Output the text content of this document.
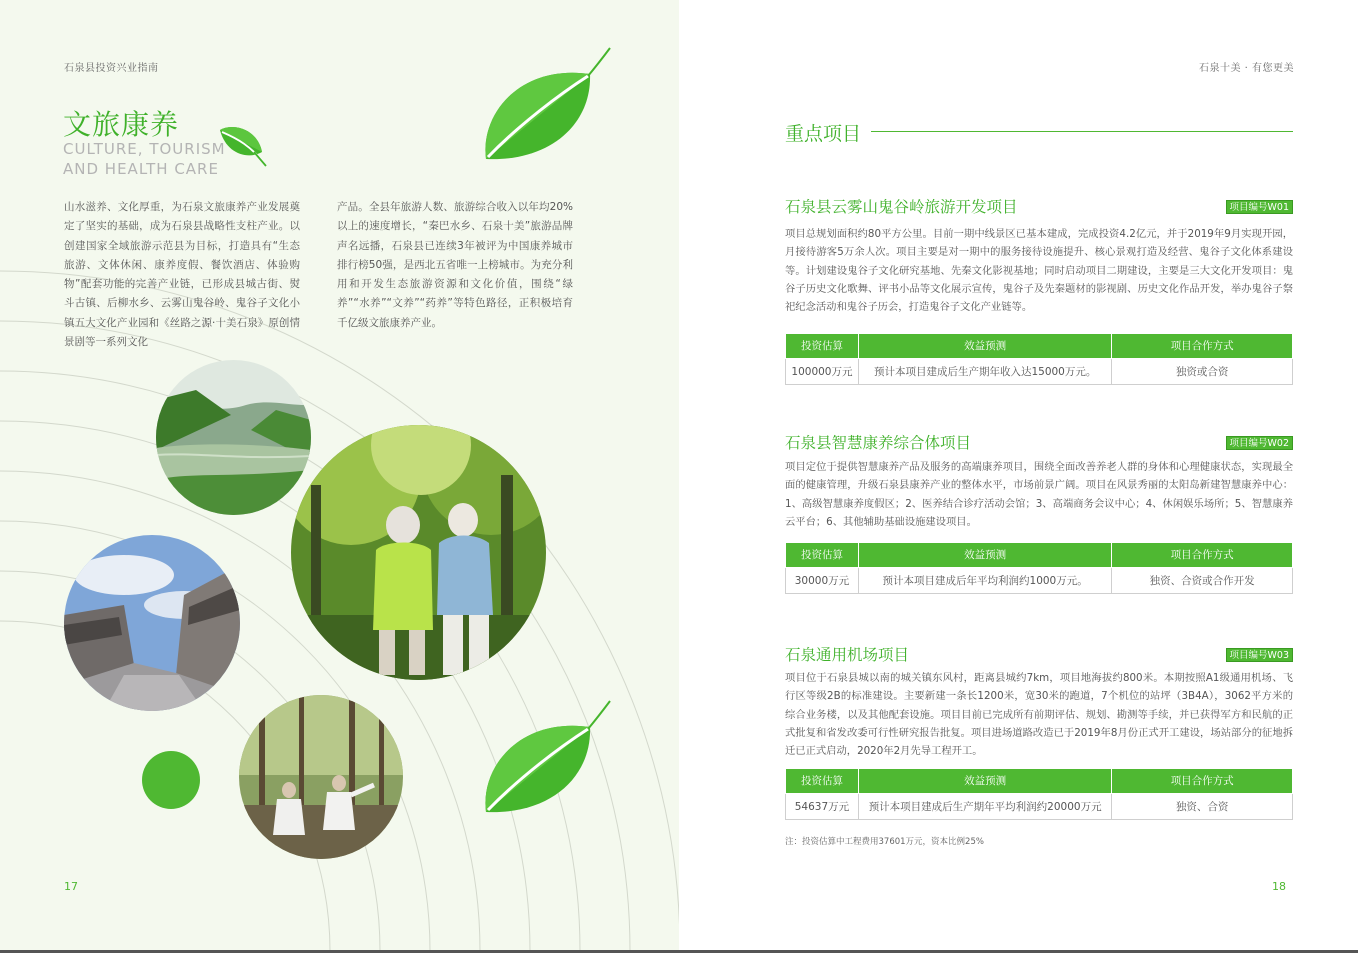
石泉县投资兴业指南
文旅康养
CULTURE, TOURISM
AND HEALTH CARE
山水滋养、文化厚重，为石泉文旅康养产业发展奠定了坚实的基础，成为石泉县战略性支柱产业。以创建国家全域旅游示范县为目标，打造具有“生态旅游、文体休闲、康养度假、餐饮酒店、体验购物”配套功能的完善产业链，已形成县城古街、熨斗古镇、后柳水乡、云雾山鬼谷岭、鬼谷子文化小镇五大文化产业园和《丝路之源·十美石泉》原创情景剧等一系列文化
产品。全县年旅游人数、旅游综合收入以年均20%以上的速度增长，“秦巴水乡、石泉十美”旅游品牌声名远播，石泉县已连续3年被评为中国康养城市排行榜50强，是西北五省唯一上榜城市。为充分利用和开发生态旅游资源和文化价值，围绕“绿养”“水养”“文养”“药养”等特色路径，正积极培育千亿级文旅康养产业。
17
石泉十美 · 有您更美
重点项目
石泉县云雾山鬼谷岭旅游开发项目	项目编号W01
项目总规划面积约80平方公里。目前一期中线景区已基本建成，完成投资4.2亿元，并于2019年9月实现开园，月接待游客5万余人次。项目主要是对一期中的服务接待设施提升、核心景观打造及经营、鬼谷子文化体系建设等。计划建设鬼谷子文化研究基地、先秦文化影视基地；同时启动项目二期建设，主要是三大文化开发项目：鬼谷子历史文化歌舞、评书小品等文化展示宣传，鬼谷子及先秦题材的影视剧、历史文化作品开发，举办鬼谷子祭祀纪念活动和鬼谷子历会，打造鬼谷子文化产业链等。
投资估算	效益预测	项目合作方式
100000万元	预计本项目建成后生产期年收入达15000万元。	独资或合资
石泉县智慧康养综合体项目	项目编号W02
项目定位于提供智慧康养产品及服务的高端康养项目，围绕全面改善养老人群的身体和心理健康状态，实现最全面的健康管理，升级石泉县康养产业的整体水平，市场前景广阔。项目在风景秀丽的太阳岛新建智慧康养中心：1、高级智慧康养度假区；2、医养结合诊疗活动会馆；3、高端商务会议中心；4、休闲娱乐场所；5、智慧康养云平台；6、其他辅助基础设施建设项目。
投资估算	效益预测	项目合作方式
30000万元	预计本项目建成后年平均利润约1000万元。	独资、合资或合作开发
石泉通用机场项目	项目编号W03
项目位于石泉县城以南的城关镇东风村，距离县城约7km，项目地海拔约800米。本期按照A1级通用机场、飞行区等级2B的标准建设。主要新建一条长1200米，宽30米的跑道，7个机位的站坪（3B4A），3062平方米的综合业务楼，以及其他配套设施。项目目前已完成所有前期评估、规划、勘测等手续，并已获得军方和民航的正式批复和省发改委可行性研究报告批复。项目进场道路改造已于2019年8月份正式开工建设，场站部分的征地拆迁已正式启动，2020年2月先导工程开工。
投资估算	效益预测	项目合作方式
54637万元	预计本项目建成后生产期年平均利润约20000万元	独资、合资
注：投资估算中工程费用37601万元，资本比例25%
18
